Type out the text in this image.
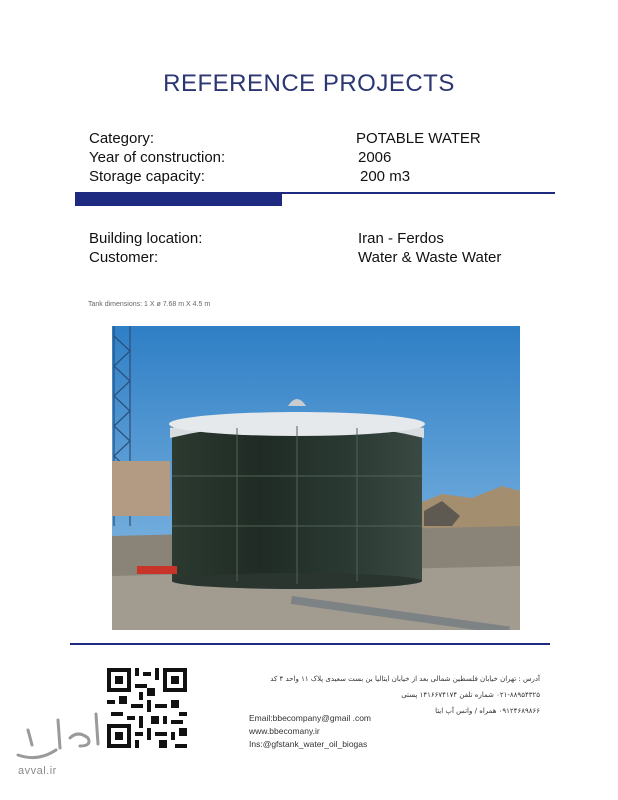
REFERENCE PROJECTS
Category:	POTABLE WATER
Year of construction:	2006
Storage capacity:	200 m3
Building location:	Iran - Ferdos
Customer:	Water & Waste Water
Tank dimensions: 1 X ø 7.68 m X 4.5 m
آدرس : تهران خیابان فلسطین شمالی بعد از خیابان ایتالیا بن بست سعیدی پلاک ۱۱ واحد ۴ کد
۰۲۱-۸۸۹۵۴۳۲۵ شماره تلفن ۱۴۱۶۶۷۴۱۷۴ پستی
۰۹۱۲۴۶۸۹۸۶۶ همراه / واتس آپ ایتا
Email:bbecompany@gmail .com
www.bbecomany.ir
Ins:@gfstank_water_oil_biogas
avval.ir
